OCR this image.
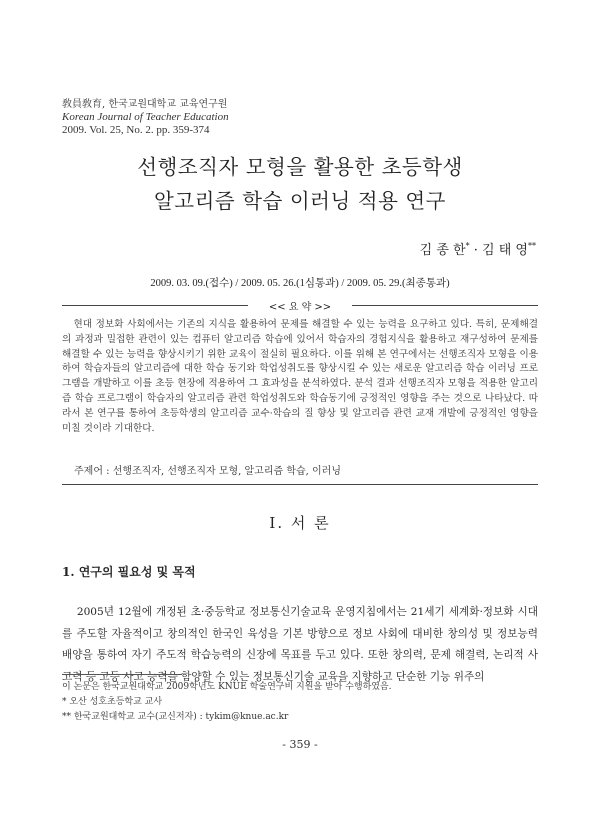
敎員敎育, 한국교원대학교 교육연구원
Korean Journal of Teacher Education
2009. Vol. 25, No. 2. pp. 359-374
선행조직자 모형을 활용한 초등학생
알고리즘 학습 이러닝 적용 연구
김 종 한* · 김 태 영**
2009. 03. 09.(접수) / 2009. 05. 26.(1심통과) / 2009. 05. 29.(최종통과)
<< 요 약 >>
현대 정보화 사회에서는 기존의 지식을 활용하여 문제를 해결할 수 있는 능력을 요구하고 있다. 특히, 문제해결의 과정과 밀접한 관련이 있는 컴퓨터 알고리즘 학습에 있어서 학습자의 경험지식을 활용하고 재구성하여 문제를 해결할 수 있는 능력을 향상시키기 위한 교육이 절실히 필요하다. 이를 위해 본 연구에서는 선행조직자 모형을 이용하여 학습자들의 알고리즘에 대한 학습 동기와 학업성취도를 향상시킬 수 있는 새로운 알고리즘 학습 이러닝 프로그램을 개발하고 이를 초등 현장에 적용하여 그 효과성을 분석하였다. 분석 결과 선행조직자 모형을 적용한 알고리즘 학습 프로그램이 학습자의 알고리즘 관련 학업성취도와 학습동기에 긍정적인 영향을 주는 것으로 나타났다. 따라서 본 연구를 통하여 초등학생의 알고리즘 교수·학습의 질 향상 및 알고리즘 관련 교재 개발에 긍정적인 영향을 미칠 것이라 기대한다.
주제어 : 선행조직자, 선행조직자 모형, 알고리즘 학습, 이러닝
Ⅰ. 서 론
1. 연구의 필요성 및 목적
2005년 12월에 개정된 초·중등학교 정보통신기술교육 운영지침에서는 21세기 세계화·정보화 시대를 주도할 자율적이고 창의적인 한국인 육성을 기본 방향으로 정보 사회에 대비한 창의성 및 정보능력 배양을 통하여 자기 주도적 학습능력의 신장에 목표를 두고 있다. 또한 창의력, 문제 해결력, 논리적 사고력 등 고등 사고 능력을 함양할 수 있는 정보통신기술 교육을 지향하고 단순한 기능 위주의
이 논문은 한국교원대학교 2009학년도 KNUE 학술연구비 지원을 받아 수행하였음.
* 오산 성호초등학교 교사
** 한국교원대학교 교수(교신저자) : tykim@knue.ac.kr
- 359 -
